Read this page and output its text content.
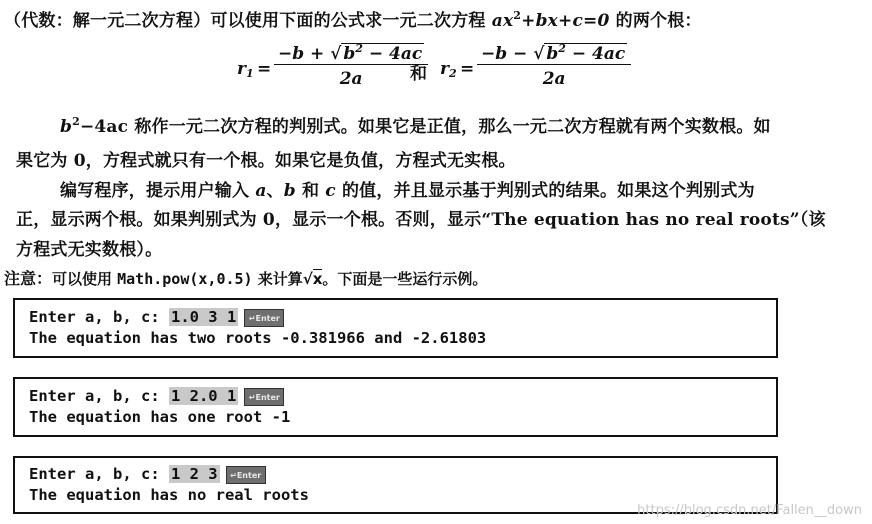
（代数：解一元二次方程）可以使用下面的公式求一元二次方程 $ax^2+bx+c=0$ 的两个根：
$r_1 = \frac{-b + √ b^2 - 4ac}{2a}$
和 $r_2 = \frac{-b - √ b^2 - 4ac}{2a}$
$b^2-4ac$ 称作一元二次方程的判别式。如果它是正值，那么一元二次方程就有两个实数根。如
果它为 0，方程式就只有一个根。如果它是负值，方程式无实根。
编写程序，提示用户输入 a、b 和 c 的值，并且显示基于判别式的结果。如果这个判别式为
正，显示两个根。如果判别式为 0，显示一个根。否则，显示“The equation has no real roots”（该
方程式无实数根）。
注意：可以使用 Math.pow(x,0.5) 来计算√x。下面是一些运行示例。
Enter a, b, c: 1.0 3 1 ↵Enter
The equation has two roots -0.381966 and -2.61803
Enter a, b, c: 1 2.0 1 ↵Enter
The equation has one root -1
Enter a, b, c: 1 2 3 ↵Enter
The equation has no real roots
https://blog.csdn.net/Fallen__down
